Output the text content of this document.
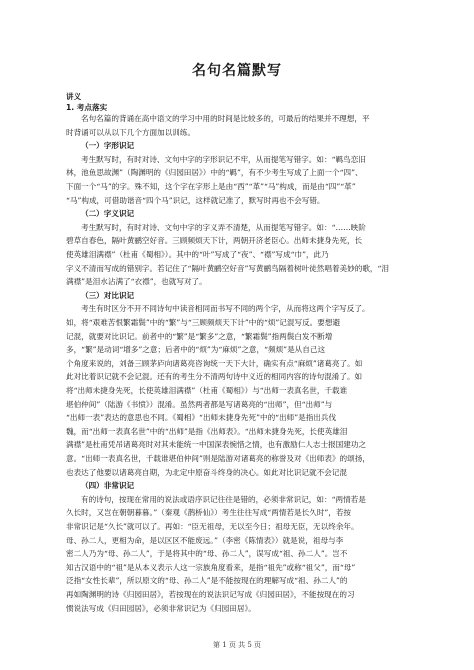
名句名篇默写
讲义
1. 考点落实
名句名篇的背诵在高中语文的学习中用的时间是比较多的，可最后的结果并不理想，平
时背诵可以从以下几个方面加以训练。
（一）字形识记
考生默写时，有时对诗、文句中字的字形识记不牢，从而提笔写错字。如：“羁鸟恋旧
林，池鱼思故渊”（陶渊明的《归园田居》）中的“羁”，有不少考生写成了上面一个“四”、
下面一个“马”的字。殊不知，这个字在字形上是由“西”“革”“马”构成，而是由“四”“革”
“马”构成，可借助谐音“四个马”识记，这样就记准了，默写时再也不会写错。
（二）字义识记
考生默写时，有时对诗、文句中字的字义弄不清楚，从而提笔写错字。如：“……映阶
碧草自春色，隔叶黄鹂空好音。三顾频烦天下计，两朝开济老臣心。出师未捷身先死，长
使英雄泪满襟”（杜甫《蜀相》）。其中的“叶”写成了“夜”、“襟”写成“巾”，此乃
字义不清而写成的错别字。若记住了“隔叶黄鹂空好音”写黄鹂鸟隔着树叶徒然唱着美妙的歌，“泪
满襟”是泪水沾满了“衣襟”，也就写对了。
（三）对比识记
考生有时区分不开不同诗句中读音相同而书写不同的两个字，从而将这两个字写反了。
如，将“艰难苦恨繁霜鬓”中的“繁”与“三顾频烦天下计”中的“烦”记混写反。要想避
记混，就要对比识记。前者中的“繁”是“繁多”之意，“繁霜鬓”指两鬓白发不断增
多，“繁”是动词“增多”之意；后者中的“烦”为“麻烦”之意，“频烦”是从自己这
个角度来说的，刘备三顾茅庐向诸葛亮咨询统一天下大计，确实有点“麻烦”诸葛亮了。如
此对比着识记就不会记混。还有的考生分不清两句诗中义近的相同内容的诗句混淆了。如
将“出师未捷身先死，长使英雄泪满襟”（杜甫《蜀相》）与“出师一表真名世，千载谁
堪伯仲间”（陆游《书愤》）混淆。虽然两者都是写诸葛亮的“出师”，但“出师”与
“出师一表”表达的意思也不同。《蜀相》“出师未捷身先死”中的“出师”是指出兵伐
魏，而“出师一表真名世”中的“出师”是指《出师表》。“出师未捷身先死，长使英雄泪
满襟”是杜甫凭吊诸葛亮时对其未能统一中国深表惋惜之情，也有激励仁人志士报国建功之
意。“出师一表真名世，千载谁堪伯仲间”则是陆游对诸葛亮的称誉及对《出师表》的颂扬，
也表达了他要以诸葛亮自期，为北定中原奋斗终身的决心。如此对比识记就不会记混
（四）非常识记
有的诗句，按现在常用的说法或语序识记往往是错的，必须非常识记，如：“两情若是
久长时，又岂在朝朝暮暮。”（秦观《鹊桥仙》）考生往往写成“两情若是长久时”，若按
非常识记是“久长”就可以了。再如：“臣无祖母，无以至今日；祖母无臣，无以终余年。
母、孙二人，更相为命，是以区区不能废远。”（李密《陈情表》）就是说，祖母与李
密二人乃为“母、孙二人”，于是将其中的“母、孙二人”，误写成“祖、孙二人”。岂不
知古汉语中的“祖”是从本义表示人这一宗族角度看来，是指“祖先”或称“祖父”，而“母”
泛指“女性长辈”，所以原文的“母、孙二人”是不能按现在的理解写成“祖、孙二人”的
再如陶渊明的诗《归园田居》，若按现在的说法识记写成《归园田居》，不能按现在的习
惯说法写成《归田园居》，必须非常识记为《归园田居》。
第 1 页 共 5 页
